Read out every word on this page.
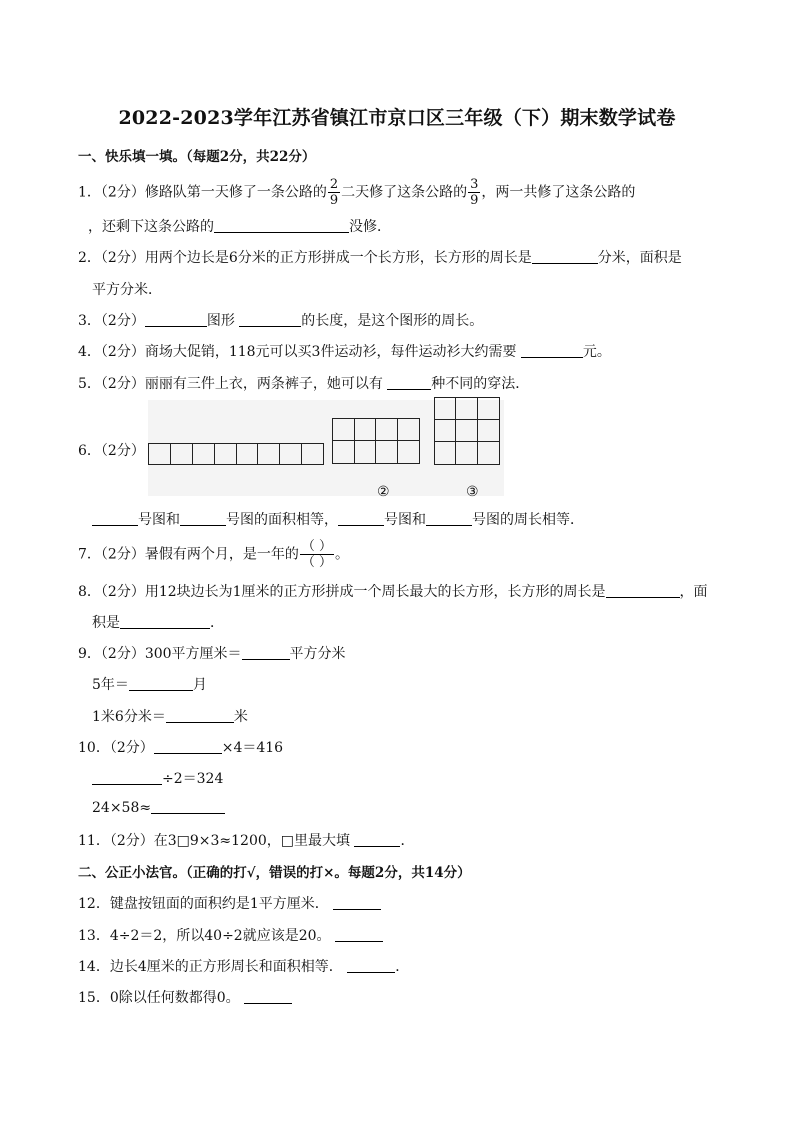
2022-2023学年江苏省镇江市京口区三年级（下）期末数学试卷
一、快乐填一填。（每题2分，共22分）
1．（2分）修路队第一天修了一条公路的 $\frac{2}{9}$ 二天修了这条公路的 $\frac{3}{9}$ ，两一共修了这条公路的
，还剩下这条公路的	没修．
2．（2分）用两个边长是6分米的正方形拼成一个长方形，长方形的周长是	分米，面积是
平方分米．
3．（2分）	图形	的长度，是这个图形的周长。
4．（2分）商场大促销，118元可以买3件运动衫，每件运动衫大约需要	元。
5．（2分）丽丽有三件上衣，两条裤子，她可以有	种不同的穿法．
6．（2分）
②	③
号图和	号图的面积相等，	号图和	号图的周长相等．
7．（2分）暑假有两个月，是一年的 $\frac{( )}{( )}$ 。
8．（2分）用12块边长为1厘米的正方形拼成一个周长最大的长方形，长方形的周长是	，面
积是	．
9．（2分）300平方厘米＝	平方分米
5年＝	月
1米6分米＝	米
10．（2分）	×4＝416
÷2＝324
24×58≈
11．（2分）在3□9×3≈1200，□里最大填	．
二、公正小法官。（正确的打√，错误的打×。每题2分，共14分）
12．键盘按钮面的面积约是1平方厘米．
13．4÷2＝2，所以40÷2就应该是20。
14．边长4厘米的正方形周长和面积相等．	．
15．0除以任何数都得0。
